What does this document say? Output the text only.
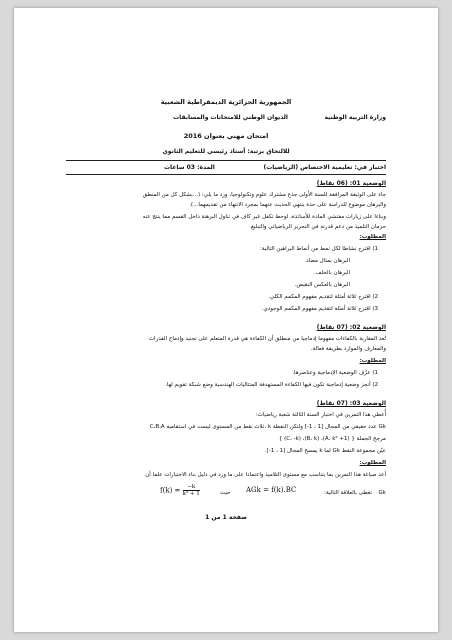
الجمهورية الجزائرية الديمقراطية الشعبية
وزارة التربية الوطنية
الديوان الوطني للامتحانات والمسابقات
امتحان مهني بعنوان 2016
للالتحاق برتبة: أستاذ رئيسي للتعليم الثانوي
اختبار في: تعليمية الاختصاص (الرياضيات)
المدة: 03 ساعات
الوضعية 01: (06 نقاط)
جاء على الوثيقة المرافقة للسنة الأولى جذع مشترك علوم وتكنولوجيا، ورد ما يلي: (...بشكل كل من المنطق
والبرهان موضوع للدراسة على حدة ينتهي الحديث عنهما بمجرد الانتهاء من تقديمهما...).
وبناءا على زيارات مفتشي المادة للأساتذة، لوحظ تكفل غير كاف في تناول البرهنة داخل القسم مما ينتج عنه
حرمان التلميذ من دعم قدرته في التحرير الرياضياتي والتبليغ.
المطلوب:
1) اقترح نشاطا لكل نمط من أنماط البراهين التالية:
البرهان بمثال مضاد.
البرهان بالخلف.
البرهان بالعكس النقيض.
2) اقترح ثلاثة أمثلة لتقديم مفهوم المكمم الكلي.
3) اقترح ثلاثة أمثلة لتقديم مفهوم المكمم الوجودي.
الوضعية 02: (07 نقاط)
تُعد المقاربة بالكفاءات مفهوما إدماجيا من منطلق أن الكفاءة هي قدرة المتعلم على تجنيد وإدماج القدرات
والمعارف والموارد بطريقة فعالة.
المطلوب:
1) عرّف الوضعية الإدماجية وعناصرها.
2) أنجز وضعية إدماجية تكون فيها الكفاءة المستهدفة المتتاليات الهندسية وضع شبكة تقويم لها.
الوضعية 03: (07 نقاط)
أُعطي هذا التمرين في اختبار السنة الثالثة شعبة رياضيات:
C،B،A ثلاث نقط من المستوى ليست في استقامية، k عدد حقيقي من المجال [1 ، 1-] ولتكن النقطة Gk
مرجح الجملة { (A، k² +1)، (B، k)، (C، -k) }
عيّن مجموعة النقط Gk لما k يمسح المجال [1 ، 1-].
المطلوب:
أعد صياغة هذا التمرين بما يتناسب مع مستوى التلاميذ واعتمادا على ما ورد في دليل بناء الاختبارات علما أن
Gk
تعطى بالعلاقة التالية:
AGk = f(k).BC
حيث
$f(k) = \frac{-k}{\text{k² + 1}}$
صفحة 1 من 1
